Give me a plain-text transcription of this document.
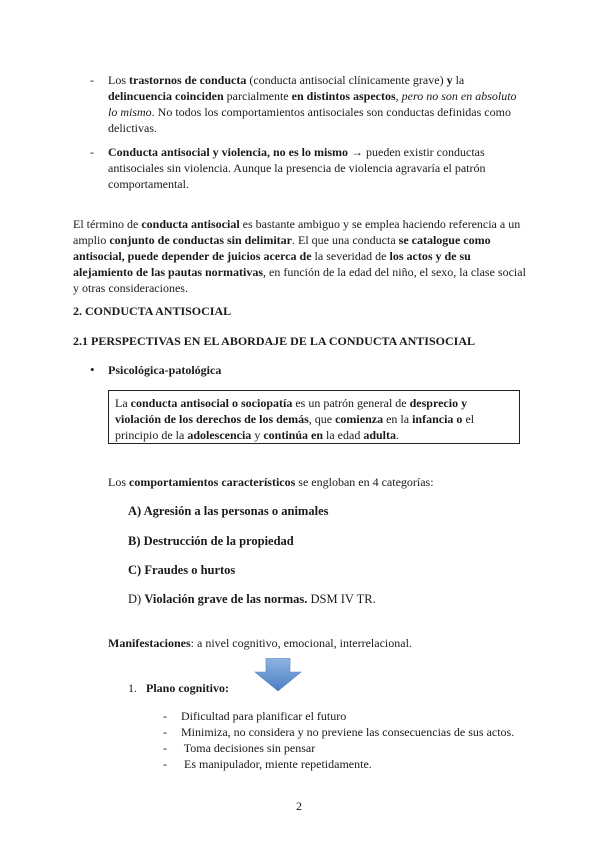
-	Los trastornos de conducta (conducta antisocial clínicamente grave) y la delincuencia coinciden parcialmente en distintos aspectos, pero no son en absoluto lo mismo. No todos los comportamientos antisociales son conductas definidas como delictivas.
-	Conducta antisocial y violencia, no es lo mismo → pueden existir conductas antisociales sin violencia. Aunque la presencia de violencia agravaría el patrón comportamental.
El término de conducta antisocial es bastante ambiguo y se emplea haciendo referencia a un amplio conjunto de conductas sin delimitar. El que una conducta se catalogue como antisocial, puede depender de juicios acerca de la severidad de los actos y de su alejamiento de las pautas normativas, en función de la edad del niño, el sexo, la clase social y otras consideraciones.
2. CONDUCTA ANTISOCIAL
2.1 PERSPECTIVAS EN EL ABORDAJE DE LA CONDUCTA ANTISOCIAL
• Psicológica-patológica
La conducta antisocial o sociopatía es un patrón general de desprecio y violación de los derechos de los demás, que comienza en la infancia o el principio de la adolescencia y continúa en la edad adulta.
Los comportamientos característicos se engloban en 4 categorías:
A) Agresión a las personas o animales
B) Destrucción de la propiedad
C) Fraudes o hurtos
D) Violación grave de las normas. DSM IV TR.
Manifestaciones: a nivel cognitivo, emocional, interrelacional.
1. Plano cognitivo:
-	Dificultad para planificar el futuro
-	Minimiza, no considera y no previene las consecuencias de sus actos.
-	Toma decisiones sin pensar
-	Es manipulador, miente repetidamente.
2
